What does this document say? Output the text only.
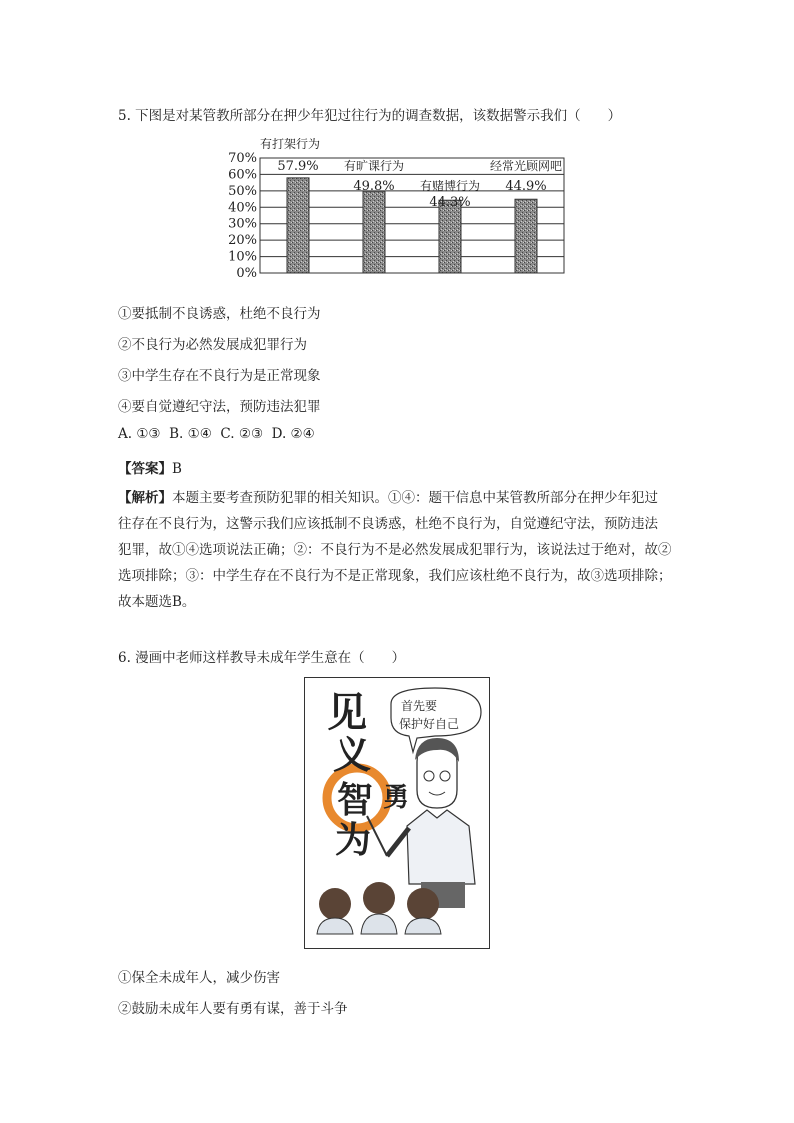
5. 下图是对某管教所部分在押少年犯过往行为的调查数据，该数据警示我们（　　）
0%
10%
20%
30%
40%
50%
60%
70%
57.9%
有打架行为
49.8%
有旷课行为
44.3%
有赌博行为 44.9%
经常光顾网吧
①要抵制不良诱惑，杜绝不良行为
②不良行为必然发展成犯罪行为
③中学生存在不良行为是正常现象
④要自觉遵纪守法，预防违法犯罪
A. ①③  B. ①④  C. ②③  D. ②④
【答案】B
【解析】本题主要考查预防犯罪的相关知识。①④：题干信息中某管教所部分在押少年犯过
往存在不良行为，这警示我们应该抵制不良诱惑，杜绝不良行为，自觉遵纪守法，预防违法
犯罪，故①④选项说法正确；②：不良行为不是必然发展成犯罪行为，该说法过于绝对，故②
选项排除；③：中学生存在不良行为不是正常现象，我们应该杜绝不良行为，故③选项排除；
故本题选B。
6. 漫画中老师这样教导未成年学生意在（　　）
见
义
智
为
勇
首先要
保护好自己
①保全未成年人，减少伤害
②鼓励未成年人要有勇有谋，善于斗争
